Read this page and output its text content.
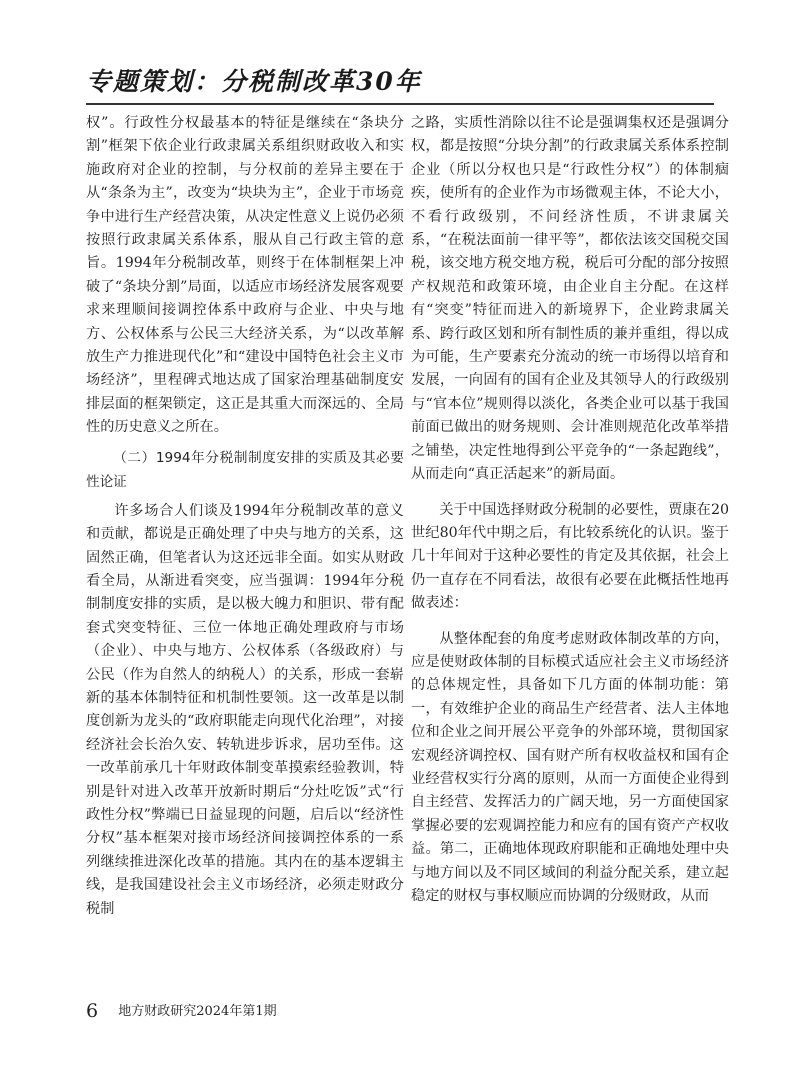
专题策划：分税制改革30年

权”。行政性分权最基本的特征是继续在“条块分割”框架下依企业行政隶属关系组织财政收入和实施政府对企业的控制，与分权前的差异主要在于从“条条为主”，改变为“块块为主”，企业于市场竞争中进行生产经营决策，从决定性意义上说仍必须按照行政隶属关系体系，服从自己行政主管的意旨。1994年分税制改革，则终于在体制框架上冲破了“条块分割”局面，以适应市场经济发展客观要求来理顺间接调控体系中政府与企业、中央与地方、公权体系与公民三大经济关系，为“以改革解放生产力推进现代化”和“建设中国特色社会主义市场经济”，里程碑式地达成了国家治理基础制度安排层面的框架锁定，这正是其重大而深远的、全局性的历史意义之所在。

（二）1994年分税制制度安排的实质及其必要性论证

许多场合人们谈及1994年分税制改革的意义和贡献，都说是正确处理了中央与地方的关系，这固然正确，但笔者认为这还远非全面。如实从财政看全局，从渐进看突变，应当强调：1994年分税制制度安排的实质，是以极大魄力和胆识、带有配套式突变特征、三位一体地正确处理政府与市场（企业）、中央与地方、公权体系（各级政府）与公民（作为自然人的纳税人）的关系，形成一套崭新的基本体制特征和机制性要领。这一改革是以制度创新为龙头的“政府职能走向现代化治理”，对接经济社会长治久安、转轨进步诉求，居功至伟。这一改革前承几十年财政体制变革摸索经验教训，特别是针对进入改革开放新时期后“分灶吃饭”式“行政性分权”弊端已日益显现的问题，启后以“经济性分权”基本框架对接市场经济间接调控体系的一系列继续推进深化改革的措施。其内在的基本逻辑主线，是我国建设社会主义市场经济，必须走财政分税制

之路，实质性消除以往不论是强调集权还是强调分权，都是按照“分块分割”的行政隶属关系体系控制企业（所以分权也只是“行政性分权”）的体制痼疾，使所有的企业作为市场微观主体，不论大小，不看行政级别，不问经济性质，不讲隶属关系，“在税法面前一律平等”，都依法该交国税交国税，该交地方税交地方税，税后可分配的部分按照产权规范和政策环境，由企业自主分配。在这样有“突变”特征而进入的新境界下，企业跨隶属关系、跨行政区划和所有制性质的兼并重组，得以成为可能，生产要素充分流动的统一市场得以培育和发展，一向固有的国有企业及其领导人的行政级别与“官本位”规则得以淡化，各类企业可以基于我国前面已做出的财务规则、会计准则规范化改革举措之铺垫，决定性地得到公平竞争的“一条起跑线”，从而走向“真正活起来”的新局面。

关于中国选择财政分税制的必要性，贾康在20世纪80年代中期之后，有比较系统化的认识。鉴于几十年间对于这种必要性的肯定及其依据，社会上仍一直存在不同看法，故很有必要在此概括性地再做表述：

从整体配套的角度考虑财政体制改革的方向，应是使财政体制的目标模式适应社会主义市场经济的总体规定性，具备如下几方面的体制功能：第一，有效维护企业的商品生产经营者、法人主体地位和企业之间开展公平竞争的外部环境，贯彻国家宏观经济调控权、国有财产所有权收益权和国有企业经营权实行分离的原则，从而一方面使企业得到自主经营、发挥活力的广阔天地，另一方面使国家掌握必要的宏观调控能力和应有的国有资产产权收益。第二，正确地体现政府职能和正确地处理中央与地方间以及不同区域间的利益分配关系，建立起稳定的财权与事权顺应而协调的分级财政，从而

6 地方财政研究2024年第1期
